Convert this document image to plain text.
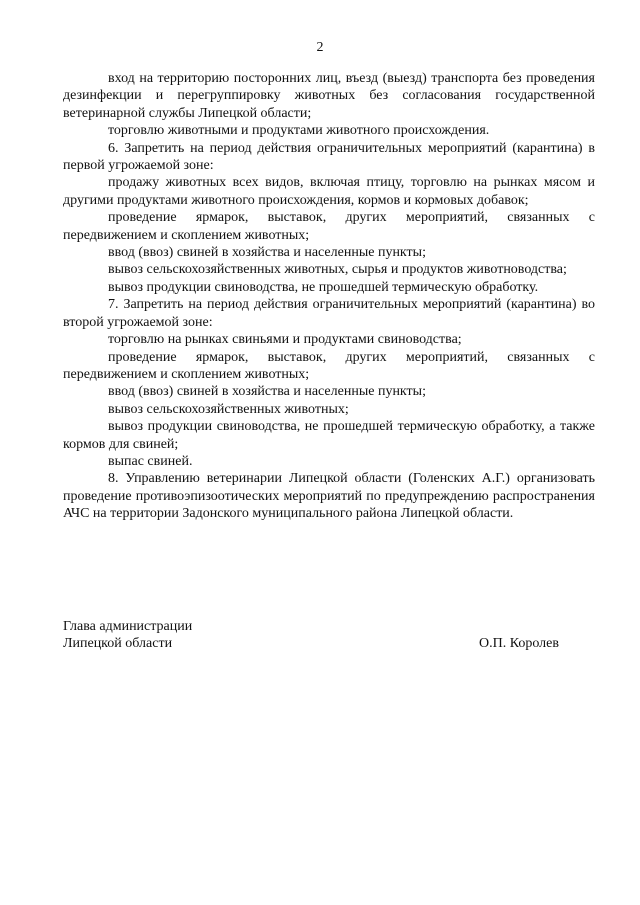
2

вход на территорию посторонних лиц, въезд (выезд) транспорта без проведения дезинфекции и перегруппировку животных без согласования государственной ветеринарной службы Липецкой области;

торговлю животными и продуктами животного происхождения.

6. Запретить на период действия ограничительных мероприятий (карантина) в первой угрожаемой зоне:

продажу животных всех видов, включая птицу, торговлю на рынках мясом и другими продуктами животного происхождения, кормов и кормовых добавок;

проведение ярмарок, выставок, других мероприятий, связанных с передвижением и скоплением животных;

ввод (ввоз) свиней в хозяйства и населенные пункты;

вывоз сельскохозяйственных животных, сырья и продуктов животноводства;

вывоз продукции свиноводства, не прошедшей термическую обработку.

7. Запретить на период действия ограничительных мероприятий (карантина) во второй угрожаемой зоне:

торговлю на рынках свиньями и продуктами свиноводства;

проведение ярмарок, выставок, других мероприятий, связанных с передвижением и скоплением животных;

ввод (ввоз) свиней в хозяйства и населенные пункты;

вывоз сельскохозяйственных животных;

вывоз продукции свиноводства, не прошедшей термическую обработку, а также кормов для свиней;

выпас свиней.

8. Управлению ветеринарии Липецкой области (Голенских А.Г.) организовать проведение противоэпизоотических мероприятий по предупреждению распространения АЧС на территории Задонского муниципального района Липецкой области.

Глава администрации
Липецкой области	О.П. Королев
